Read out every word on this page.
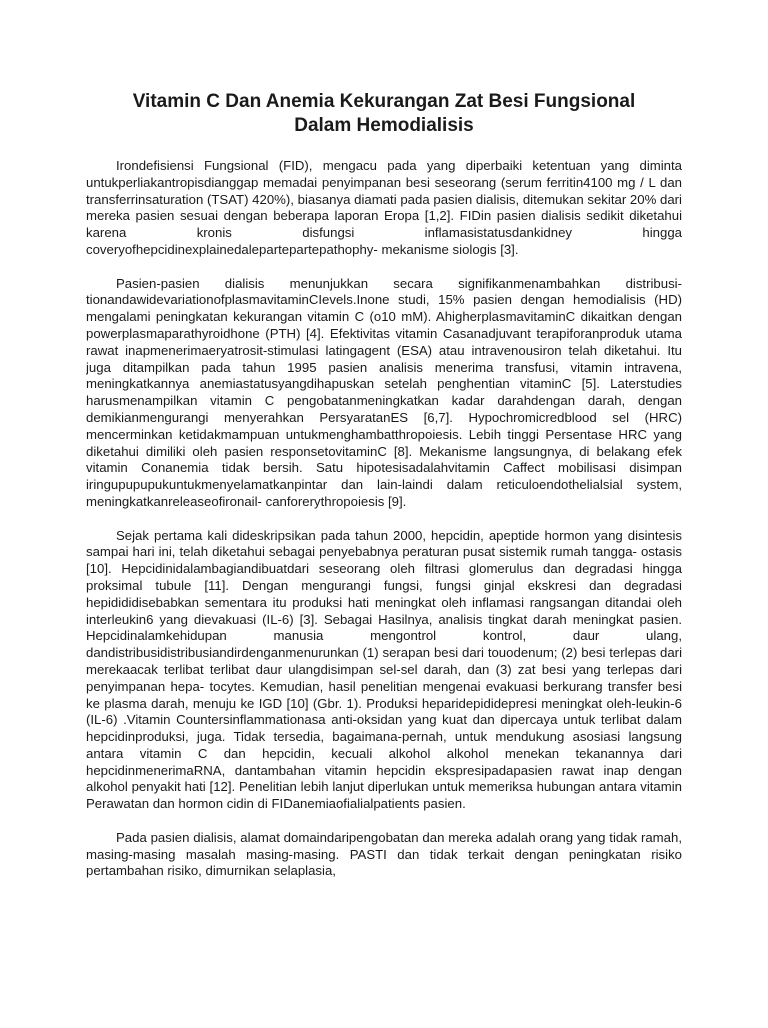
Vitamin C Dan Anemia Kekurangan Zat Besi Fungsional
Dalam Hemodialisis

Irondefisiensi Fungsional (FID), mengacu pada yang diperbaiki ketentuan yang diminta untukperliakantropisdianggap memadai penyimpanan besi seseorang (serum ferritin4100 mg / L dan transferrinsaturation (TSAT) 420%), biasanya diamati pada pasien dialisis, ditemukan sekitar 20% dari mereka pasien sesuai dengan beberapa laporan Eropa [1,2]. FIDin pasien dialisis sedikit diketahui karena kronis disfungsi inflamasistatusdankidney hingga coveryofhepcidinexplainedalepartepartepathophy- mekanisme siologis [3].

Pasien-pasien dialisis menunjukkan secara signifikanmenambahkan distribusi-tionandawidevariationofplasmavitaminCIevels.Inone studi, 15% pasien dengan hemodialisis (HD) mengalami peningkatan kekurangan vitamin C (o10 mM). AhigherplasmavitaminC dikaitkan dengan powerplasmaparathyroidhone (PTH) [4]. Efektivitas vitamin Casanadjuvant terapiforanproduk utama rawat inapmenerimaeryatrosit-stimulasi latingagent (ESA) atau intravenousiron telah diketahui. Itu juga ditampilkan pada tahun 1995 pasien analisis menerima transfusi, vitamin intravena, meningkatkannya anemiastatusyangdihapuskan setelah penghentian vitaminC [5]. Laterstudies harusmenampilkan vitamin C pengobatanmeningkatkan kadar darahdengan darah, dengan demikianmengurangi menyerahkan PersyaratanES [6,7]. Hypochromicredblood sel (HRC) mencerminkan ketidakmampuan untukmenghambatthropoiesis. Lebih tinggi Persentase HRC yang diketahui dimiliki oleh pasien responsetovitaminC [8]. Mekanisme langsungnya, di belakang efek vitamin Conanemia tidak bersih. Satu hipotesisadalahvitamin Caffect mobilisasi disimpan iringupupupukuntukmenyelamatkanpintar dan lain-laindi dalam reticuloendothelialsial system, meningkatkanreleaseofironail- canforerythropoiesis [9].

Sejak pertama kali dideskripsikan pada tahun 2000, hepcidin, apeptide hormon yang disintesis sampai hari ini, telah diketahui sebagai penyebabnya peraturan pusat sistemik rumah tangga- ostasis [10]. Hepcidinidalambagiandibuatdari seseorang oleh filtrasi glomerulus dan degradasi hingga proksimal tubule [11]. Dengan mengurangi fungsi, fungsi ginjal ekskresi dan degradasi hepidididisebabkan sementara itu produksi hati meningkat oleh inflamasi rangsangan ditandai oleh interleukin6 yang dievakuasi (IL-6) [3]. Sebagai Hasilnya, analisis tingkat darah meningkat pasien. Hepcidinalamkehidupan manusia mengontrol kontrol, daur ulang, dandistribusidistribusiandirdenganmenurunkan (1) serapan besi dari touodenum; (2) besi terlepas dari merekaacak terlibat terlibat daur ulangdisimpan sel-sel darah, dan (3) zat besi yang terlepas dari penyimpanan hepa- tocytes. Kemudian, hasil penelitian mengenai evakuasi berkurang transfer besi ke plasma darah, menuju ke IGD [10] (Gbr. 1). Produksi heparidepididepresi meningkat oleh-leukin-6 (IL-6) .Vitamin Countersinflammationasa anti-oksidan yang kuat dan dipercaya untuk terlibat dalam hepcidinproduksi, juga. Tidak tersedia, bagaimana-pernah, untuk mendukung asosiasi langsung antara vitamin C dan hepcidin, kecuali alkohol alkohol menekan tekanannya dari hepcidinmenerimaRNA, dantambahan vitamin hepcidin ekspresipadapasien rawat inap dengan alkohol penyakit hati [12]. Penelitian lebih lanjut diperlukan untuk memeriksa hubungan antara vitamin Perawatan dan hormon cidin di FIDanemiaofialialpatients pasien.

Pada pasien dialisis, alamat domaindaripengobatan dan mereka adalah orang yang tidak ramah, masing-masing masalah masing-masing. PASTI dan tidak terkait dengan peningkatan risiko pertambahan risiko, dimurnikan selaplasia,
